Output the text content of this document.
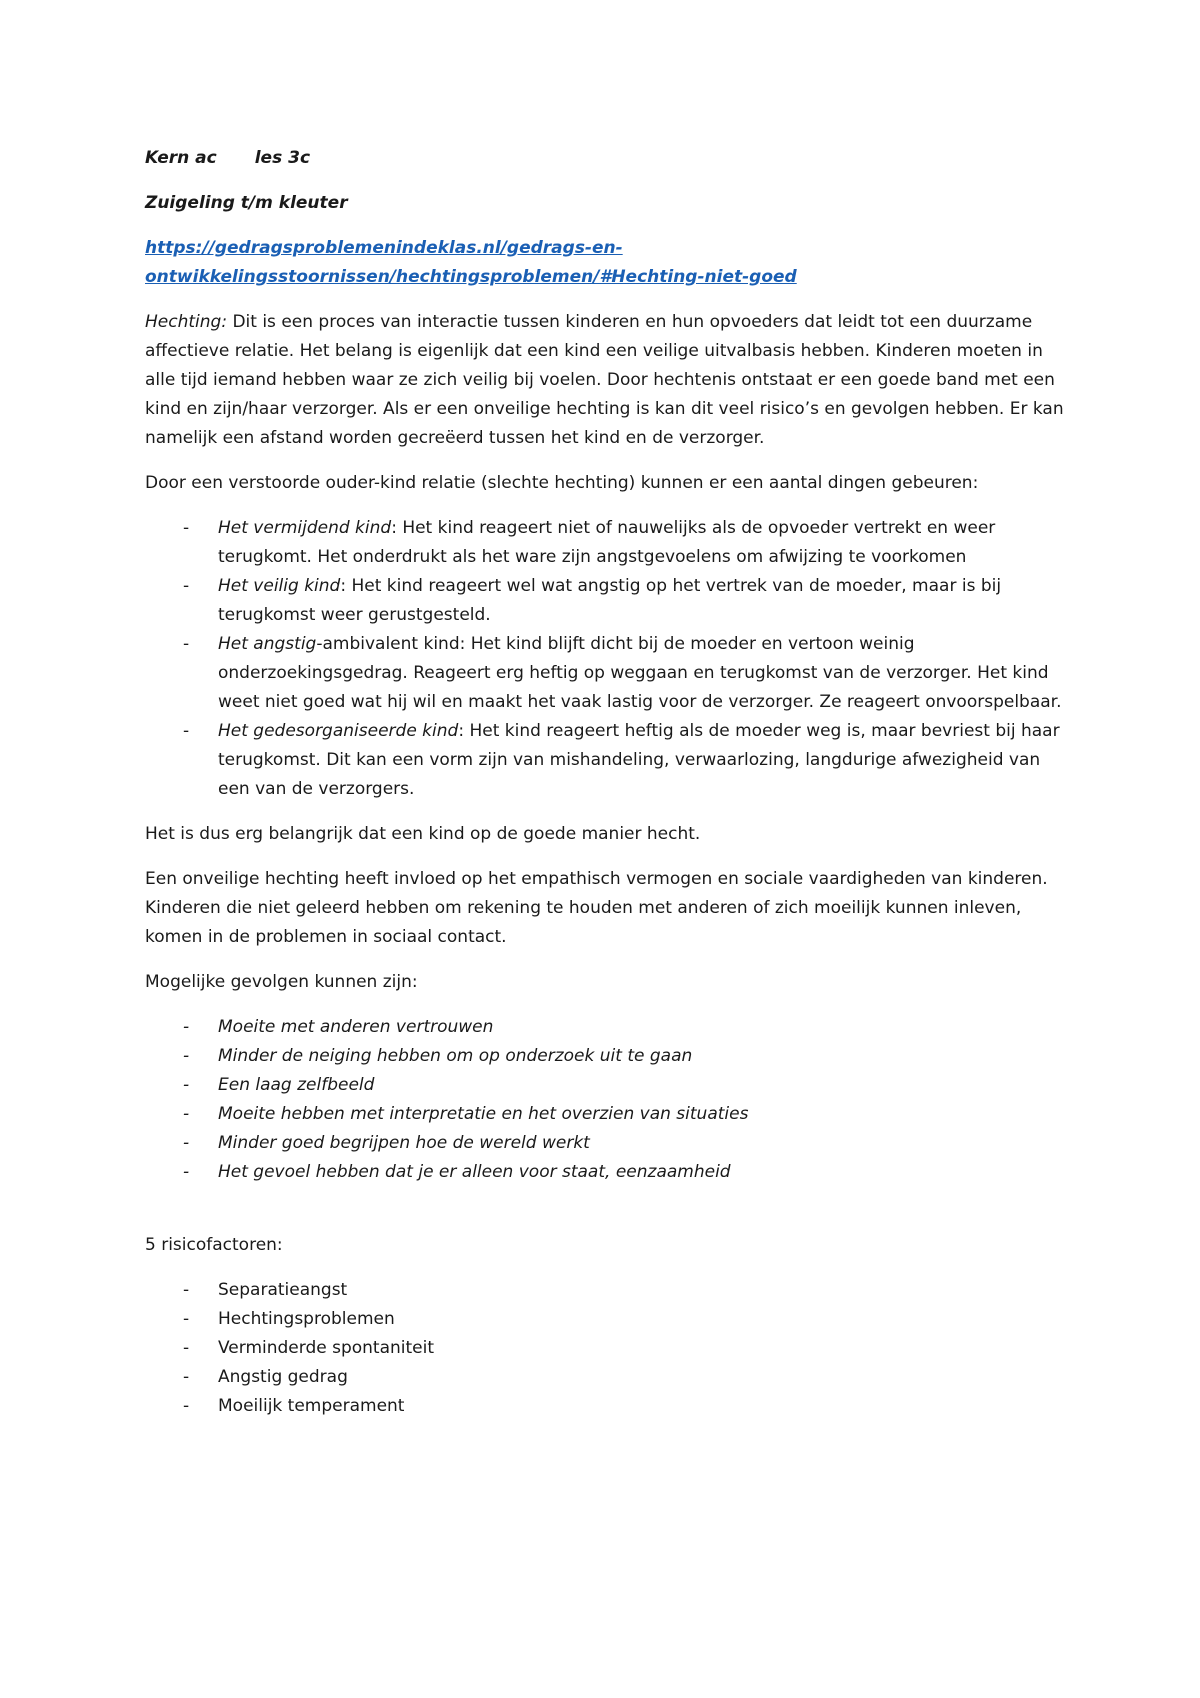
Kern ac les 3c

Zuigeling t/m kleuter

https://gedragsproblemenindeklas.nl/gedrags-en-
ontwikkelingsstoornissen/hechtingsproblemen/#Hechting-niet-goed

Hechting: Dit is een proces van interactie tussen kinderen en hun opvoeders dat leidt tot een duurzame affectieve relatie. Het belang is eigenlijk dat een kind een veilige uitvalbasis hebben. Kinderen moeten in alle tijd iemand hebben waar ze zich veilig bij voelen. Door hechtenis ontstaat er een goede band met een kind en zijn/haar verzorger. Als er een onveilige hechting is kan dit veel risico’s en gevolgen hebben. Er kan namelijk een afstand worden gecreëerd tussen het kind en de verzorger.

Door een verstoorde ouder-kind relatie (slechte hechting) kunnen er een aantal dingen gebeuren:

- Het vermijdend kind: Het kind reageert niet of nauwelijks als de opvoeder vertrekt en weer terugkomt. Het onderdrukt als het ware zijn angstgevoelens om afwijzing te voorkomen
- Het veilig kind: Het kind reageert wel wat angstig op het vertrek van de moeder, maar is bij terugkomst weer gerustgesteld.
- Het angstig-ambivalent kind: Het kind blijft dicht bij de moeder en vertoon weinig onderzoekingsgedrag. Reageert erg heftig op weggaan en terugkomst van de verzorger. Het kind weet niet goed wat hij wil en maakt het vaak lastig voor de verzorger. Ze reageert onvoorspelbaar.
- Het gedesorganiseerde kind: Het kind reageert heftig als de moeder weg is, maar bevriest bij haar terugkomst. Dit kan een vorm zijn van mishandeling, verwaarlozing, langdurige afwezigheid van een van de verzorgers.

Het is dus erg belangrijk dat een kind op de goede manier hecht.

Een onveilige hechting heeft invloed op het empathisch vermogen en sociale vaardigheden van kinderen. Kinderen die niet geleerd hebben om rekening te houden met anderen of zich moeilijk kunnen inleven, komen in de problemen in sociaal contact.

Mogelijke gevolgen kunnen zijn:

- Moeite met anderen vertrouwen
- Minder de neiging hebben om op onderzoek uit te gaan
- Een laag zelfbeeld
- Moeite hebben met interpretatie en het overzien van situaties
- Minder goed begrijpen hoe de wereld werkt
- Het gevoel hebben dat je er alleen voor staat, eenzaamheid

5 risicofactoren:

- Separatieangst
- Hechtingsproblemen
- Verminderde spontaniteit
- Angstig gedrag
- Moeilijk temperament
